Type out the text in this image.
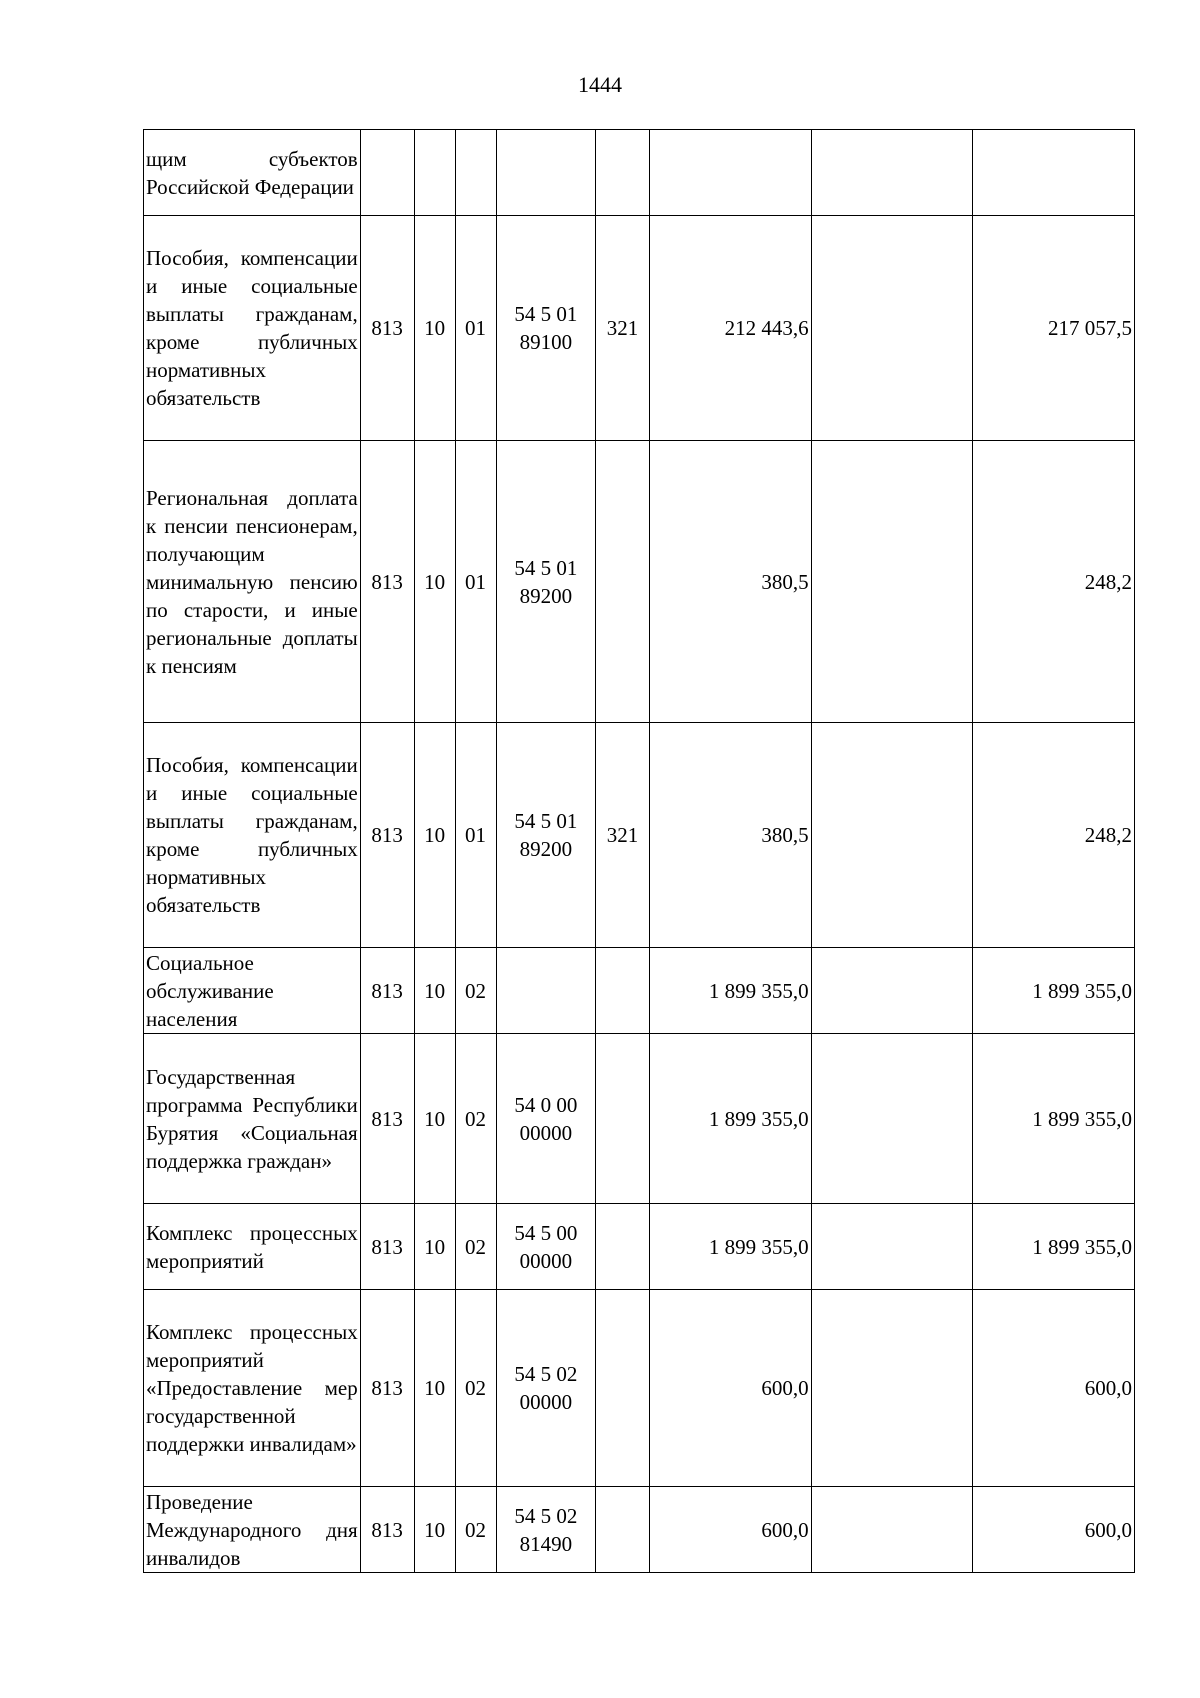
1444
щим субъектов Российской Федерации								
Пособия, компенсации и иные социальные выплаты гражданам, кроме публичных нормативных обязательств	813	10	01	54 5 01 89100	321	212 443,6		217 057,5
Региональная доплата к пенсии пенсионерам, получающим минимальную пенсию по старости, и иные региональные доплаты к пенсиям	813	10	01	54 5 01 89200		380,5		248,2
Пособия, компенсации и иные социальные выплаты гражданам, кроме публичных нормативных обязательств	813	10	01	54 5 01 89200	321	380,5		248,2
Социальное обслуживание населения	813	10	02			1 899 355,0		1 899 355,0
Государственная программа Республики Бурятия «Социальная поддержка граждан»	813	10	02	54 0 00 00000		1 899 355,0		1 899 355,0
Комплекс процессных мероприятий	813	10	02	54 5 00 00000		1 899 355,0		1 899 355,0
Комплекс процессных мероприятий «Предоставление мер государственной поддержки инвалидам»	813	10	02	54 5 02 00000		600,0		600,0
Проведение Международного дня инвалидов	813	10	02	54 5 02 81490		600,0		600,0
